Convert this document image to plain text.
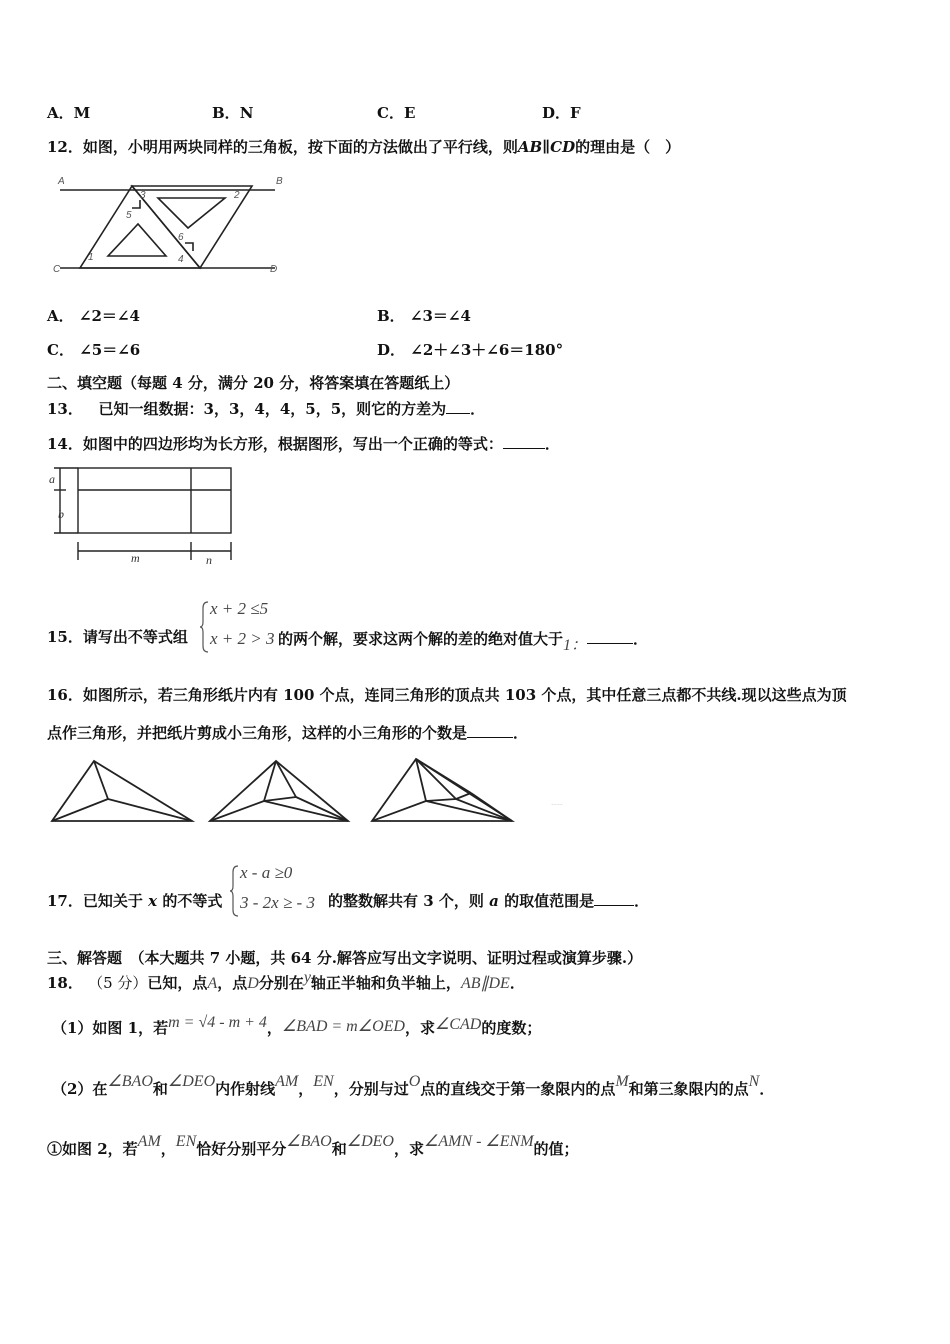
A．M	B．N	C．E	D．F
12．如图，小明用两块同样的三角板，按下面的方法做出了平行线，则AB∥CD的理由是（　）
A	B
C	D
1
2
3
4
5
6
A． ∠2＝∠4	B． ∠3＝∠4
C． ∠5＝∠6	D． ∠2＋∠3＋∠6＝180°
二、填空题（每题 4 分，满分 20 分，将答案填在答题纸上）
13． 已知一组数据：3，3，4，4，5，5，则它的方差为 ．
14．如图中的四边形均为长方形，根据图形，写出一个正确的等式：	．
a
b
m	n
15．请写出不等式组
x + 2 ≤5
x + 2 > 3 的两个解，要求这两个解的差的绝对值大于1：	．
16．如图所示，若三角形纸片内有 100 个点，连同三角形的顶点共 103 个点，其中任意三点都不共线.现以这些点为顶
点作三角形，并把纸片剪成小三角形，这样的小三角形的个数是	．
……
17．已知关于 x 的不等式
x - a ≥0
3 - 2x ≥ - 3 的整数解共有 3 个，则 a 的取值范围是	．
三、解答题　（本大题共 7 小题，共 64 分.解答应写出文字说明、证明过程或演算步骤.）
18． （5 分）已知，点A，点D分别在y轴正半轴和负半轴上，AB∥DE．
（1）如图 1，若m = √4 - m + 4，∠BAD = m∠OED，求∠CAD的度数；
（2）在∠BAO和∠DEO内作射线AM，EN，分别与过O点的直线交于第一象限内的点M和第三象限内的点N．
①如图 2，若AM，EN恰好分别平分∠BAO和∠DEO，求∠AMN - ∠ENM的值；
